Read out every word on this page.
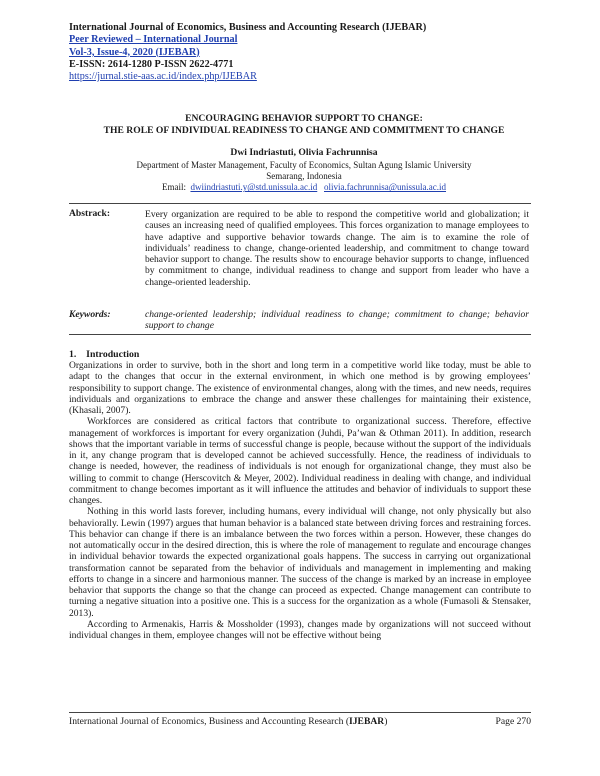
International Journal of Economics, Business and Accounting Research (IJEBAR)
Peer Reviewed – International Journal
Vol-3, Issue-4, 2020 (IJEBAR)
E-ISSN: 2614-1280 P-ISSN 2622-4771
https://jurnal.stie-aas.ac.id/index.php/IJEBAR
ENCOURAGING BEHAVIOR SUPPORT TO CHANGE:
THE ROLE OF INDIVIDUAL READINESS TO CHANGE AND COMMITMENT TO CHANGE
Dwi Indriastuti, Olivia Fachrunnisa
Department of Master Management, Faculty of Economics, Sultan Agung Islamic University
Semarang, Indonesia
Email: dwiindriastuti.y@std.unissula.ac.id olivia.fachrunnisa@unissula.ac.id
Abstrack:	Every organization are required to be able to respond the competitive world and globalization; it causes an increasing need of qualified employees. This forces organization to manage employees to have adaptive and supportive behavior towards change. The aim is to examine the role of individuals’ readiness to change, change-oriented leadership, and commitment to change toward behavior support to change. The results show to encourage behavior supports to change, influenced by commitment to change, individual readiness to change and support from leader who have a change-oriented leadership.
Keywords:	change-oriented leadership; individual readiness to change; commitment to change; behavior support to change
1.    Introduction

Organizations in order to survive, both in the short and long term in a competitive world like today, must be able to adapt to the changes that occur in the external environment, in which one method is by growing employees’ responsibility to support change. The existence of environmental changes, along with the times, and new needs, requires individuals and organizations to embrace the change and answer these challenges for maintaining their existence, (Khasali, 2007).

Workforces are considered as critical factors that contribute to organizational success. Therefore, effective management of workforces is important for every organization (Juhdi, Pa’wan & Othman 2011). In addition, research shows that the important variable in terms of successful change is people, because without the support of the individuals in it, any change program that is developed cannot be achieved successfully. Hence, the readiness of individuals to change is needed, however, the readiness of individuals is not enough for organizational change, they must also be willing to commit to change (Herscovitch & Meyer, 2002). Individual readiness in dealing with change, and individual commitment to change becomes important as it will influence the attitudes and behavior of individuals to support these changes.

Nothing in this world lasts forever, including humans, every individual will change, not only physically but also behaviorally. Lewin (1997) argues that human behavior is a balanced state between driving forces and restraining forces. This behavior can change if there is an imbalance between the two forces within a person. However, these changes do not automatically occur in the desired direction, this is where the role of management to regulate and encourage changes in individual behavior towards the expected organizational goals happens. The success in carrying out organizational transformation cannot be separated from the behavior of individuals and management in implementing and making efforts to change in a sincere and harmonious manner. The success of the change is marked by an increase in employee behavior that supports the change so that the change can proceed as expected. Change management can contribute to turning a negative situation into a positive one. This is a success for the organization as a whole (Fumasoli & Stensaker, 2013).

According to Armenakis, Harris & Mossholder (1993), changes made by organizations will not succeed without individual changes in them, employee changes will not be effective without being

International Journal of Economics, Business and Accounting Research (IJEBAR)	Page 270
